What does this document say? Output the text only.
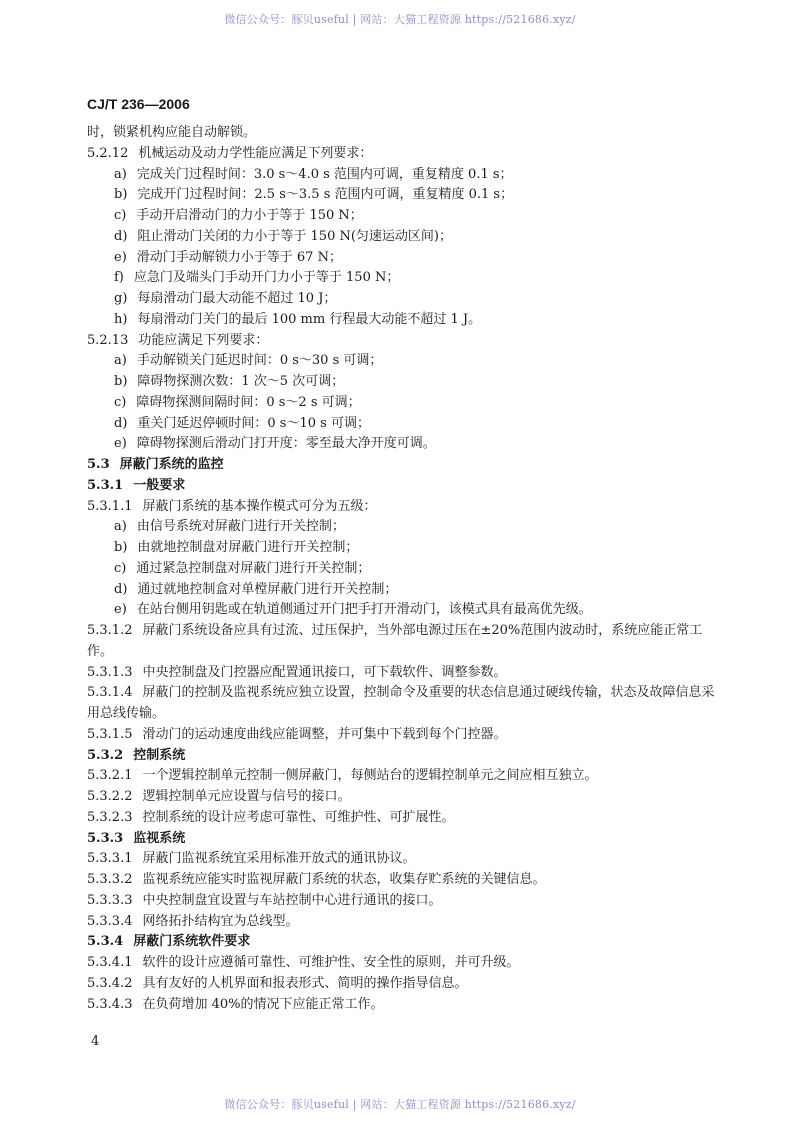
微信公众号：豚贝useful | 网站：大猫工程资源 https://521686.xyz/
CJ/T 236—2006
时，锁紧机构应能自动解锁。
5.2.12 机械运动及动力学性能应满足下列要求：
a) 完成关门过程时间：3.0 s～4.0 s 范围内可调，重复精度 0.1 s；
b) 完成开门过程时间：2.5 s～3.5 s 范围内可调，重复精度 0.1 s；
c) 手动开启滑动门的力小于等于 150 N；
d) 阻止滑动门关闭的力小于等于 150 N(匀速运动区间)；
e) 滑动门手动解锁力小于等于 67 N；
f) 应急门及端头门手动开门力小于等于 150 N；
g) 每扇滑动门最大动能不超过 10 J；
h) 每扇滑动门关门的最后 100 mm 行程最大动能不超过 1 J。
5.2.13 功能应满足下列要求：
a) 手动解锁关门延迟时间：0 s～30 s 可调；
b) 障碍物探测次数：1 次～5 次可调；
c) 障碍物探测间隔时间：0 s～2 s 可调；
d) 重关门延迟停顿时间：0 s～10 s 可调；
e) 障碍物探测后滑动门打开度：零至最大净开度可调。
5.3 屏蔽门系统的监控
5.3.1 一般要求
5.3.1.1 屏蔽门系统的基本操作模式可分为五级：
a) 由信号系统对屏蔽门进行开关控制；
b) 由就地控制盘对屏蔽门进行开关控制；
c) 通过紧急控制盘对屏蔽门进行开关控制；
d) 通过就地控制盒对单樘屏蔽门进行开关控制；
e) 在站台侧用钥匙或在轨道侧通过开门把手打开滑动门，该模式具有最高优先级。
5.3.1.2 屏蔽门系统设备应具有过流、过压保护，当外部电源过压在±20%范围内波动时，系统应能正常工作。
5.3.1.3 中央控制盘及门控器应配置通讯接口，可下载软件、调整参数。
5.3.1.4 屏蔽门的控制及监视系统应独立设置，控制命令及重要的状态信息通过硬线传输，状态及故障信息采用总线传输。
5.3.1.5 滑动门的运动速度曲线应能调整，并可集中下载到每个门控器。
5.3.2 控制系统
5.3.2.1 一个逻辑控制单元控制一侧屏蔽门，每侧站台的逻辑控制单元之间应相互独立。
5.3.2.2 逻辑控制单元应设置与信号的接口。
5.3.2.3 控制系统的设计应考虑可靠性、可维护性、可扩展性。
5.3.3 监视系统
5.3.3.1 屏蔽门监视系统宜采用标准开放式的通讯协议。
5.3.3.2 监视系统应能实时监视屏蔽门系统的状态，收集存贮系统的关键信息。
5.3.3.3 中央控制盘宜设置与车站控制中心进行通讯的接口。
5.3.3.4 网络拓扑结构宜为总线型。
5.3.4 屏蔽门系统软件要求
5.3.4.1 软件的设计应遵循可靠性、可维护性、安全性的原则，并可升级。
5.3.4.2 具有友好的人机界面和报表形式、简明的操作指导信息。
5.3.4.3 在负荷增加 40%的情况下应能正常工作。
4
微信公众号：豚贝useful | 网站：大猫工程资源 https://521686.xyz/
